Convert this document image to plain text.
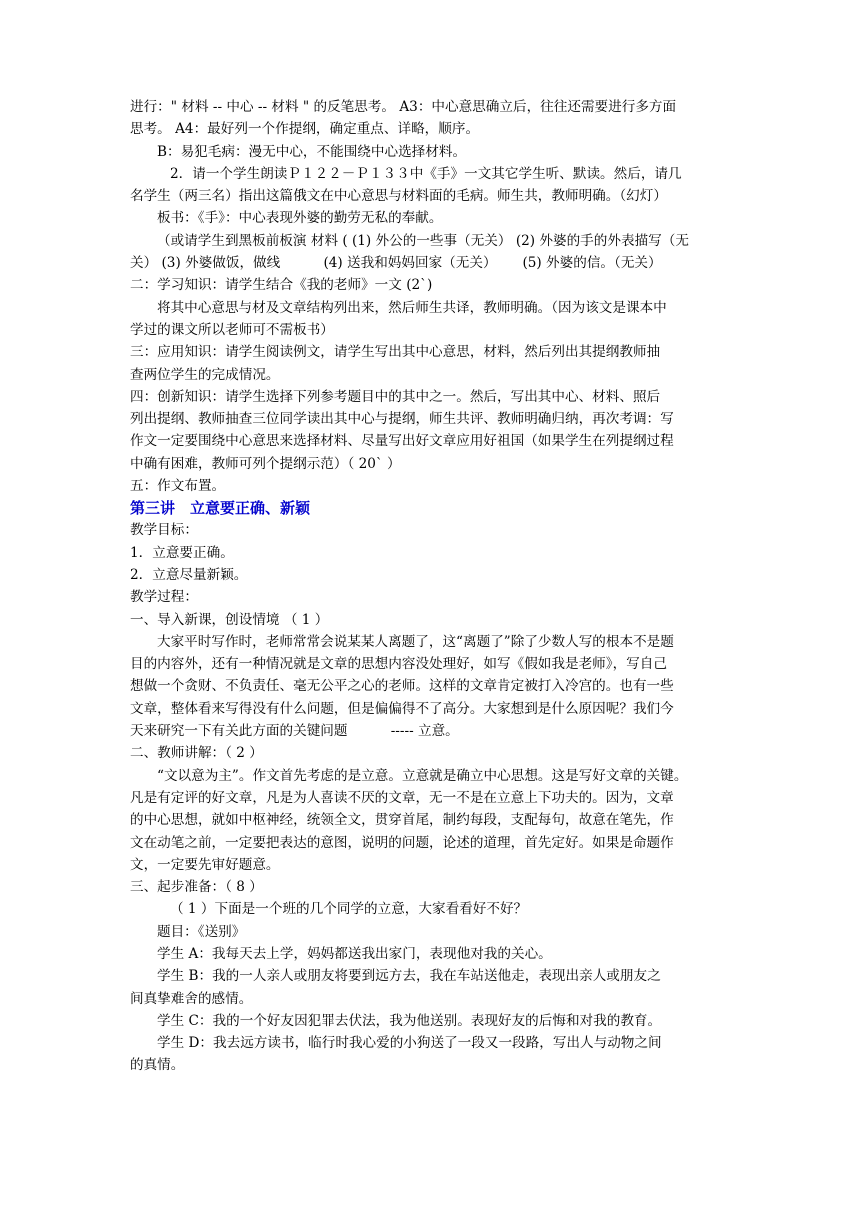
进行：" 材料 -- 中心 -- 材料 " 的反笔思考。 A3：中心意思确立后，往往还需要进行多方面
思考。 A4：最好列一个作提纲，确定重点、详略，顺序。
B：易犯毛病：漫无中心，不能围绕中心选择材料。
2．请一个学生朗读Ｐ１２２－Ｐ１３３中《手》一文其它学生听、默读。然后，请几
名学生（两三名）指出这篇俄文在中心意思与材料面的毛病。师生共，教师明确。（幻灯）
板书：《手》：中心表现外婆的勤劳无私的奉献。
（或请学生到黑板前板演 材料 ( (1) 外公的一些事（无关） (2) 外婆的手的外表描写（无
关） (3) 外婆做饭，做线          (4) 送我和妈妈回家（无关）      (5) 外婆的信。（无关）
二：学习知识：请学生结合《我的老师》一文 (2`)
将其中心意思与材及文章结构列出来，然后师生共译，教师明确。（因为该文是课本中
学过的课文所以老师可不需板书）
三：应用知识：请学生阅读例文，请学生写出其中心意思，材料，然后列出其提纲教师抽
查两位学生的完成情况。
四：创新知识：请学生选择下列参考题目中的其中之一。然后，写出其中心、材料、照后
列出提纲、教师抽查三位同学读出其中心与提纲，师生共评、教师明确归纳，再次考调：写
作文一定要围绕中心意思来选择材料、尽量写出好文章应用好祖国（如果学生在列提纲过程
中确有困难，教师可列个提纲示范）（ 20` ）
五：作文布置。
第三讲　立意要正确、新颖
教学目标：
1．立意要正确。
2．立意尽量新颖。
教学过程：
一、导入新课，创设情境 （ 1 ）
大家平时写作时，老师常常会说某某人离题了，这“离题了”除了少数人写的根本不是题
目的内容外，还有一种情况就是文章的思想内容没处理好，如写《假如我是老师》，写自己
想做一个贪财、不负责任、毫无公平之心的老师。这样的文章肯定被打入冷宫的。也有一些
文章，整体看来写得没有什么问题，但是偏偏得不了高分。大家想到是什么原因呢？我们今
天来研究一下有关此方面的关键问题          ----- 立意。
二、教师讲解：（ 2 ）
“文以意为主”。作文首先考虑的是立意。立意就是确立中心思想。这是写好文章的关键。
凡是有定评的好文章，凡是为人喜读不厌的文章，无一不是在立意上下功夫的。因为，文章
的中心思想，就如中枢神经，统领全文，贯穿首尾，制约每段，支配每句，故意在笔先，作
文在动笔之前，一定要把表达的意图，说明的问题，论述的道理，首先定好。如果是命题作
文，一定要先审好题意。
三、起步准备：（ 8 ）
（ 1 ）下面是一个班的几个同学的立意，大家看看好不好？
题目：《送别》
学生 A：我每天去上学，妈妈都送我出家门，表现他对我的关心。
学生 B：我的一人亲人或朋友将要到远方去，我在车站送他走，表现出亲人或朋友之
间真挚难舍的感情。
学生 C：我的一个好友因犯罪去伏法，我为他送别。表现好友的后悔和对我的教育。
学生 D：我去远方读书，临行时我心爱的小狗送了一段又一段路，写出人与动物之间
的真情。
